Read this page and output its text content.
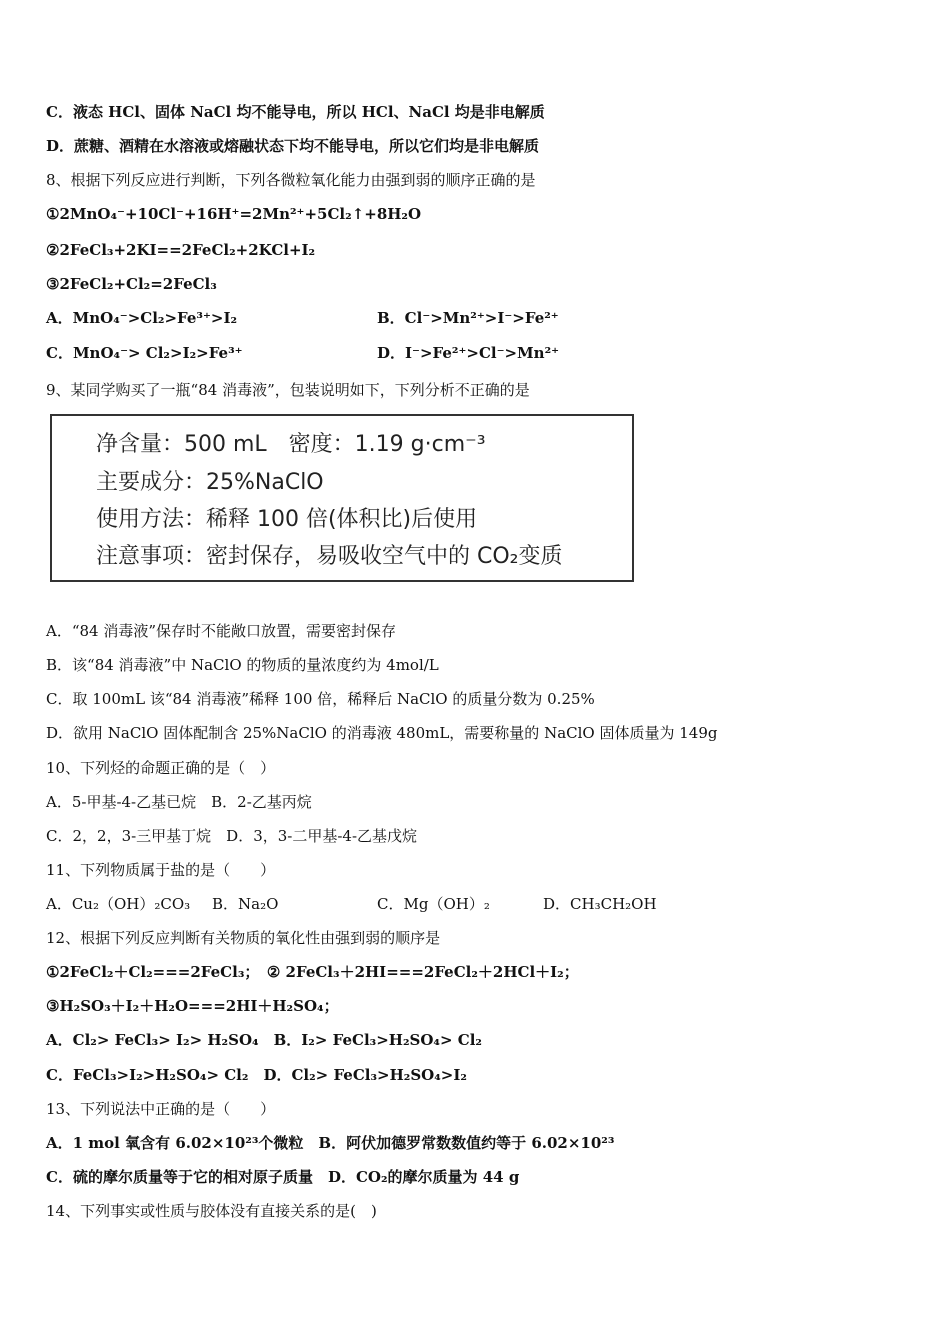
C．液态 HCl、固体 NaCl 均不能导电，所以 HCl、NaCl 均是非电解质
D．蔗糖、酒精在水溶液或熔融状态下均不能导电，所以它们均是非电解质
8、根据下列反应进行判断，下列各微粒氧化能力由强到弱的顺序正确的是
①2MnO₄⁻+10Cl⁻+16H⁺=2Mn²⁺+5Cl₂↑+8H₂O
②2FeCl₃+2KI==2FeCl₂+2KCl+I₂
③2FeCl₂+Cl₂=2FeCl₃
A．MnO₄⁻>Cl₂>Fe³⁺>I₂	B．Cl⁻>Mn²⁺>I⁻>Fe²⁺
C．MnO₄⁻> Cl₂>I₂>Fe³⁺	D．I⁻>Fe²⁺>Cl⁻>Mn²⁺
9、某同学购买了一瓶“84 消毒液”，包装说明如下，下列分析不正确的是
净含量：500 mL　密度：1.19 g·cm⁻³
主要成分：25%NaClO
使用方法：稀释 100 倍(体积比)后使用
注意事项：密封保存，易吸收空气中的 CO₂变质
A．“84 消毒液”保存时不能敞口放置，需要密封保存
B．该“84 消毒液”中 NaClO 的物质的量浓度约为 4mol/L
C．取 100mL 该“84 消毒液”稀释 100 倍，稀释后 NaClO 的质量分数为 0.25%
D．欲用 NaClO 固体配制含 25%NaClO 的消毒液 480mL，需要称量的 NaClO 固体质量为 149g
10、下列烃的命题正确的是（　）
A．5-甲基-4-乙基已烷　B．2-乙基丙烷
C．2，2，3-三甲基丁烷　D．3，3-二甲基-4-乙基戊烷
11、下列物质属于盐的是（　　）
A．Cu₂（OH）₂CO₃ B．Na₂O	C．Mg（OH）₂	D．CH₃CH₂OH
12、根据下列反应判断有关物质的氧化性由强到弱的顺序是
①2FeCl₂＋Cl₂===2FeCl₃；　② 2FeCl₃＋2HI===2FeCl₂＋2HCl＋I₂；
③H₂SO₃＋I₂＋H₂O===2HI＋H₂SO₄；
A．Cl₂> FeCl₃> I₂> H₂SO₄　B．I₂> FeCl₃>H₂SO₄> Cl₂
C．FeCl₃>I₂>H₂SO₄> Cl₂　D．Cl₂> FeCl₃>H₂SO₄>I₂
13、下列说法中正确的是（　　）
A．1 mol 氧含有 6.02×10²³个微粒　B．阿伏加德罗常数数值约等于 6.02×10²³
C．硫的摩尔质量等于它的相对原子质量　D．CO₂的摩尔质量为 44 g
14、下列事实或性质与胶体没有直接关系的是(　)
